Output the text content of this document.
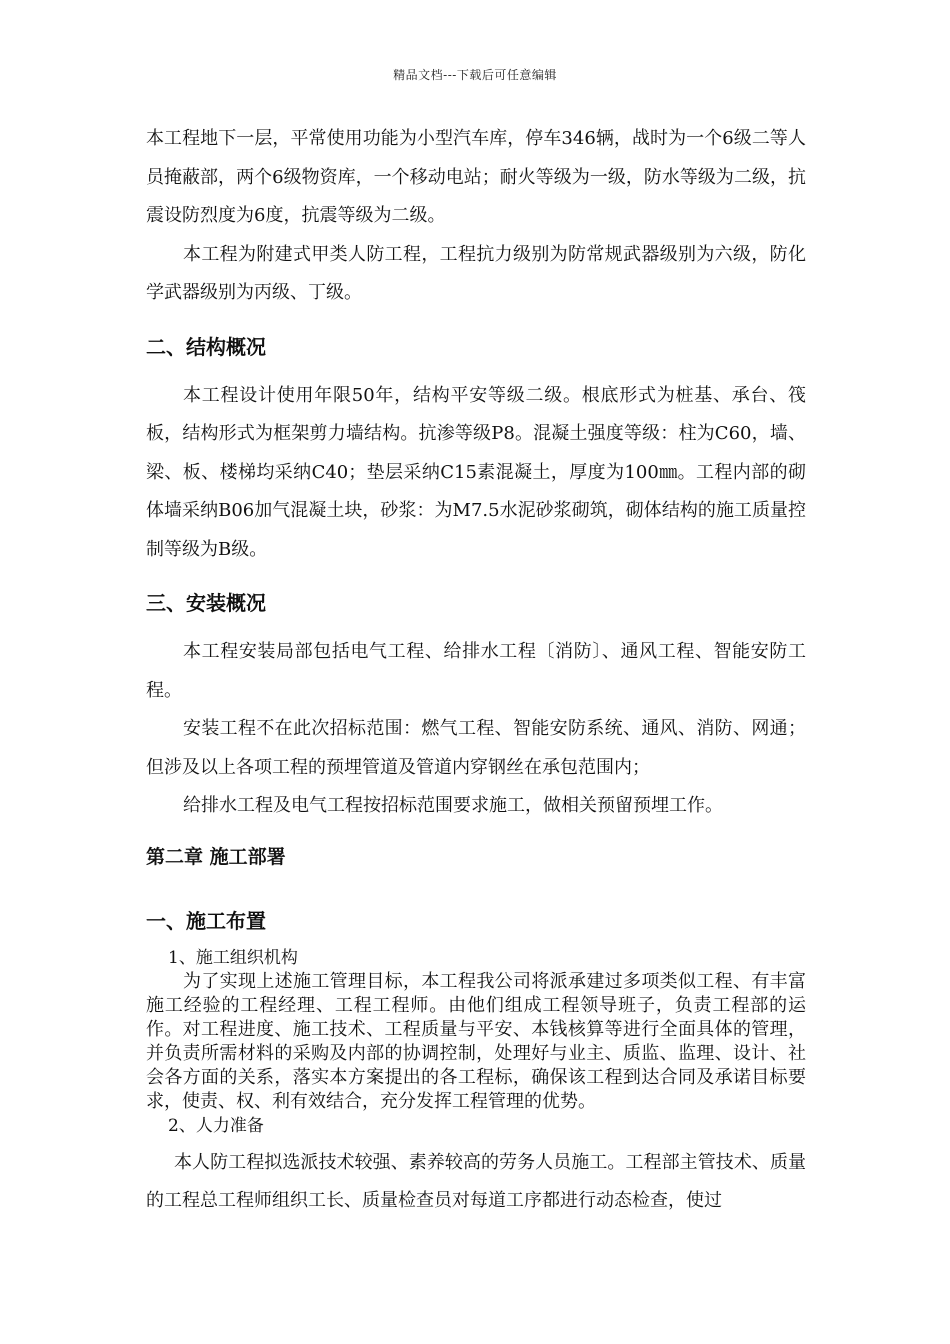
精品文档---下载后可任意编辑

本工程地下一层，平常使用功能为小型汽车库，停车346辆，战时为一个6级二等人员掩蔽部，两个6级物资库，一个移动电站；耐火等级为一级，防水等级为二级，抗震设防烈度为6度，抗震等级为二级。

本工程为附建式甲类人防工程，工程抗力级别为防常规武器级别为六级，防化学武器级别为丙级、丁级。

二、结构概况

本工程设计使用年限50年，结构平安等级二级。根底形式为桩基、承台、筏板，结构形式为框架剪力墙结构。抗渗等级P8。混凝土强度等级：柱为C60，墙、梁、板、楼梯均采纳C40；垫层采纳C15素混凝土，厚度为100㎜。工程内部的砌体墙采纳B06加气混凝土块，砂浆：为M7.5水泥砂浆砌筑，砌体结构的施工质量控制等级为B级。

三、安装概况

本工程安装局部包括电气工程、给排水工程〔消防〕、通风工程、智能安防工程。

安装工程不在此次招标范围：燃气工程、智能安防系统、通风、消防、网通；但涉及以上各项工程的预埋管道及管道内穿钢丝在承包范围内；

给排水工程及电气工程按招标范围要求施工，做相关预留预埋工作。

第二章 施工部署
一、施工布置

1、施工组织机构

为了实现上述施工管理目标，本工程我公司将派承建过多项类似工程、有丰富施工经验的工程经理、工程工程师。由他们组成工程领导班子，负责工程部的运作。对工程进度、施工技术、工程质量与平安、本钱核算等进行全面具体的管理，并负责所需材料的采购及内部的协调控制，处理好与业主、质监、监理、设计、社会各方面的关系，落实本方案提出的各工程标，确保该工程到达合同及承诺目标要求，使责、权、利有效结合，充分发挥工程管理的优势。

2、人力准备

本人防工程拟选派技术较强、素养较高的劳务人员施工。工程部主管技术、质量的工程总工程师组织工长、质量检查员对每道工序都进行动态检查，使过
